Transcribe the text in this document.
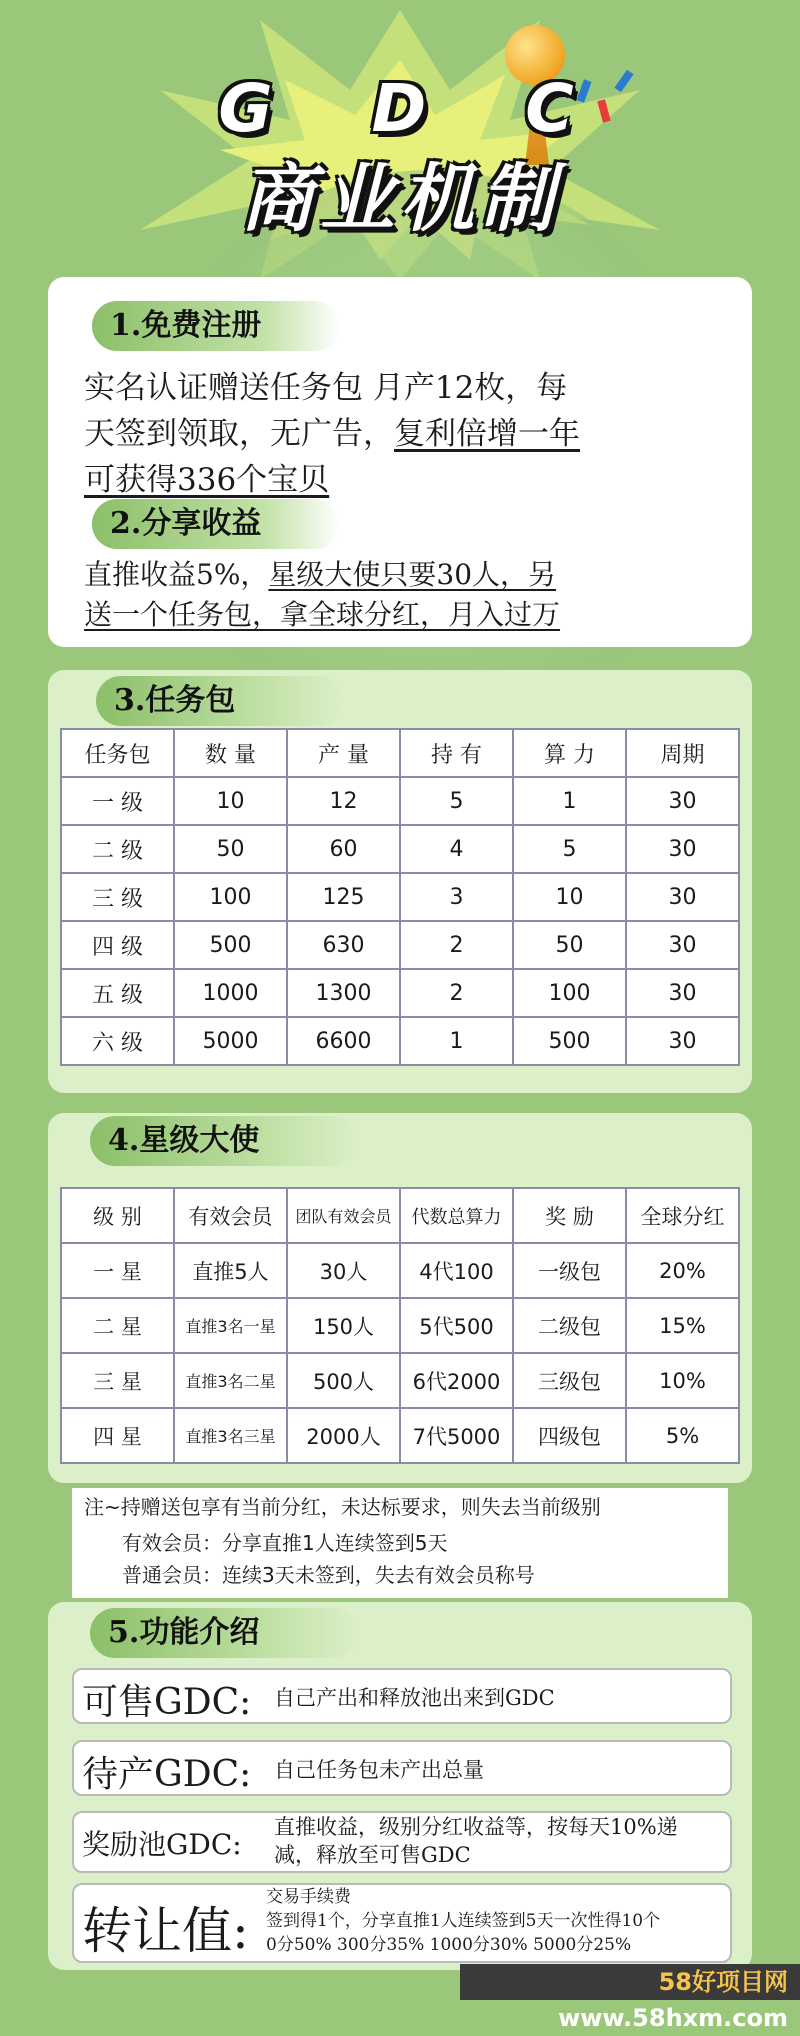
G D C
商业机制
1.免费注册
实名认证赠送任务包 月产12枚，每
天签到领取，无广告，复利倍增一年
可获得336个宝贝
2.分享收益
直推收益5%，星级大使只要30人，另
送一个任务包，拿全球分红，月入过万
3.任务包
任务包	数 量	产 量	持 有	算 力	周期
一 级	10	12	5	1	30
二 级	50	60	4	5	30
三 级	100	125	3	10	30
四 级	500	630	2	50	30
五 级	1000	1300	2	100	30
六 级	5000	6600	1	500	30
4.星级大使
级 别	有效会员	团队有效会员	代数总算力	奖 励	全球分红
一 星	直推5人	30人	4代100	一级包	20%
二 星	直推3名一星	150人	5代500	二级包	15%
三 星	直推3名二星	500人	6代2000	三级包	10%
四 星	直推3名三星	2000人	7代5000	四级包	5%
注~持赠送包享有当前分红，未达标要求，则失去当前级别
有效会员：分享直推1人连续签到5天
普通会员：连续3天未签到，失去有效会员称号
5.功能介绍
可售GDC: 自己产出和释放池出来到GDC
待产GDC: 自己任务包未产出总量
奖励池GDC:
直推收益，级别分红收益等，按每天10%递
减，释放至可售GDC
转让值:
交易手续费
签到得1个，分享直推1人连续签到5天一次性得10个
0分50% 300分35% 1000分30% 5000分25%
58好项目网www.58hxm.com
